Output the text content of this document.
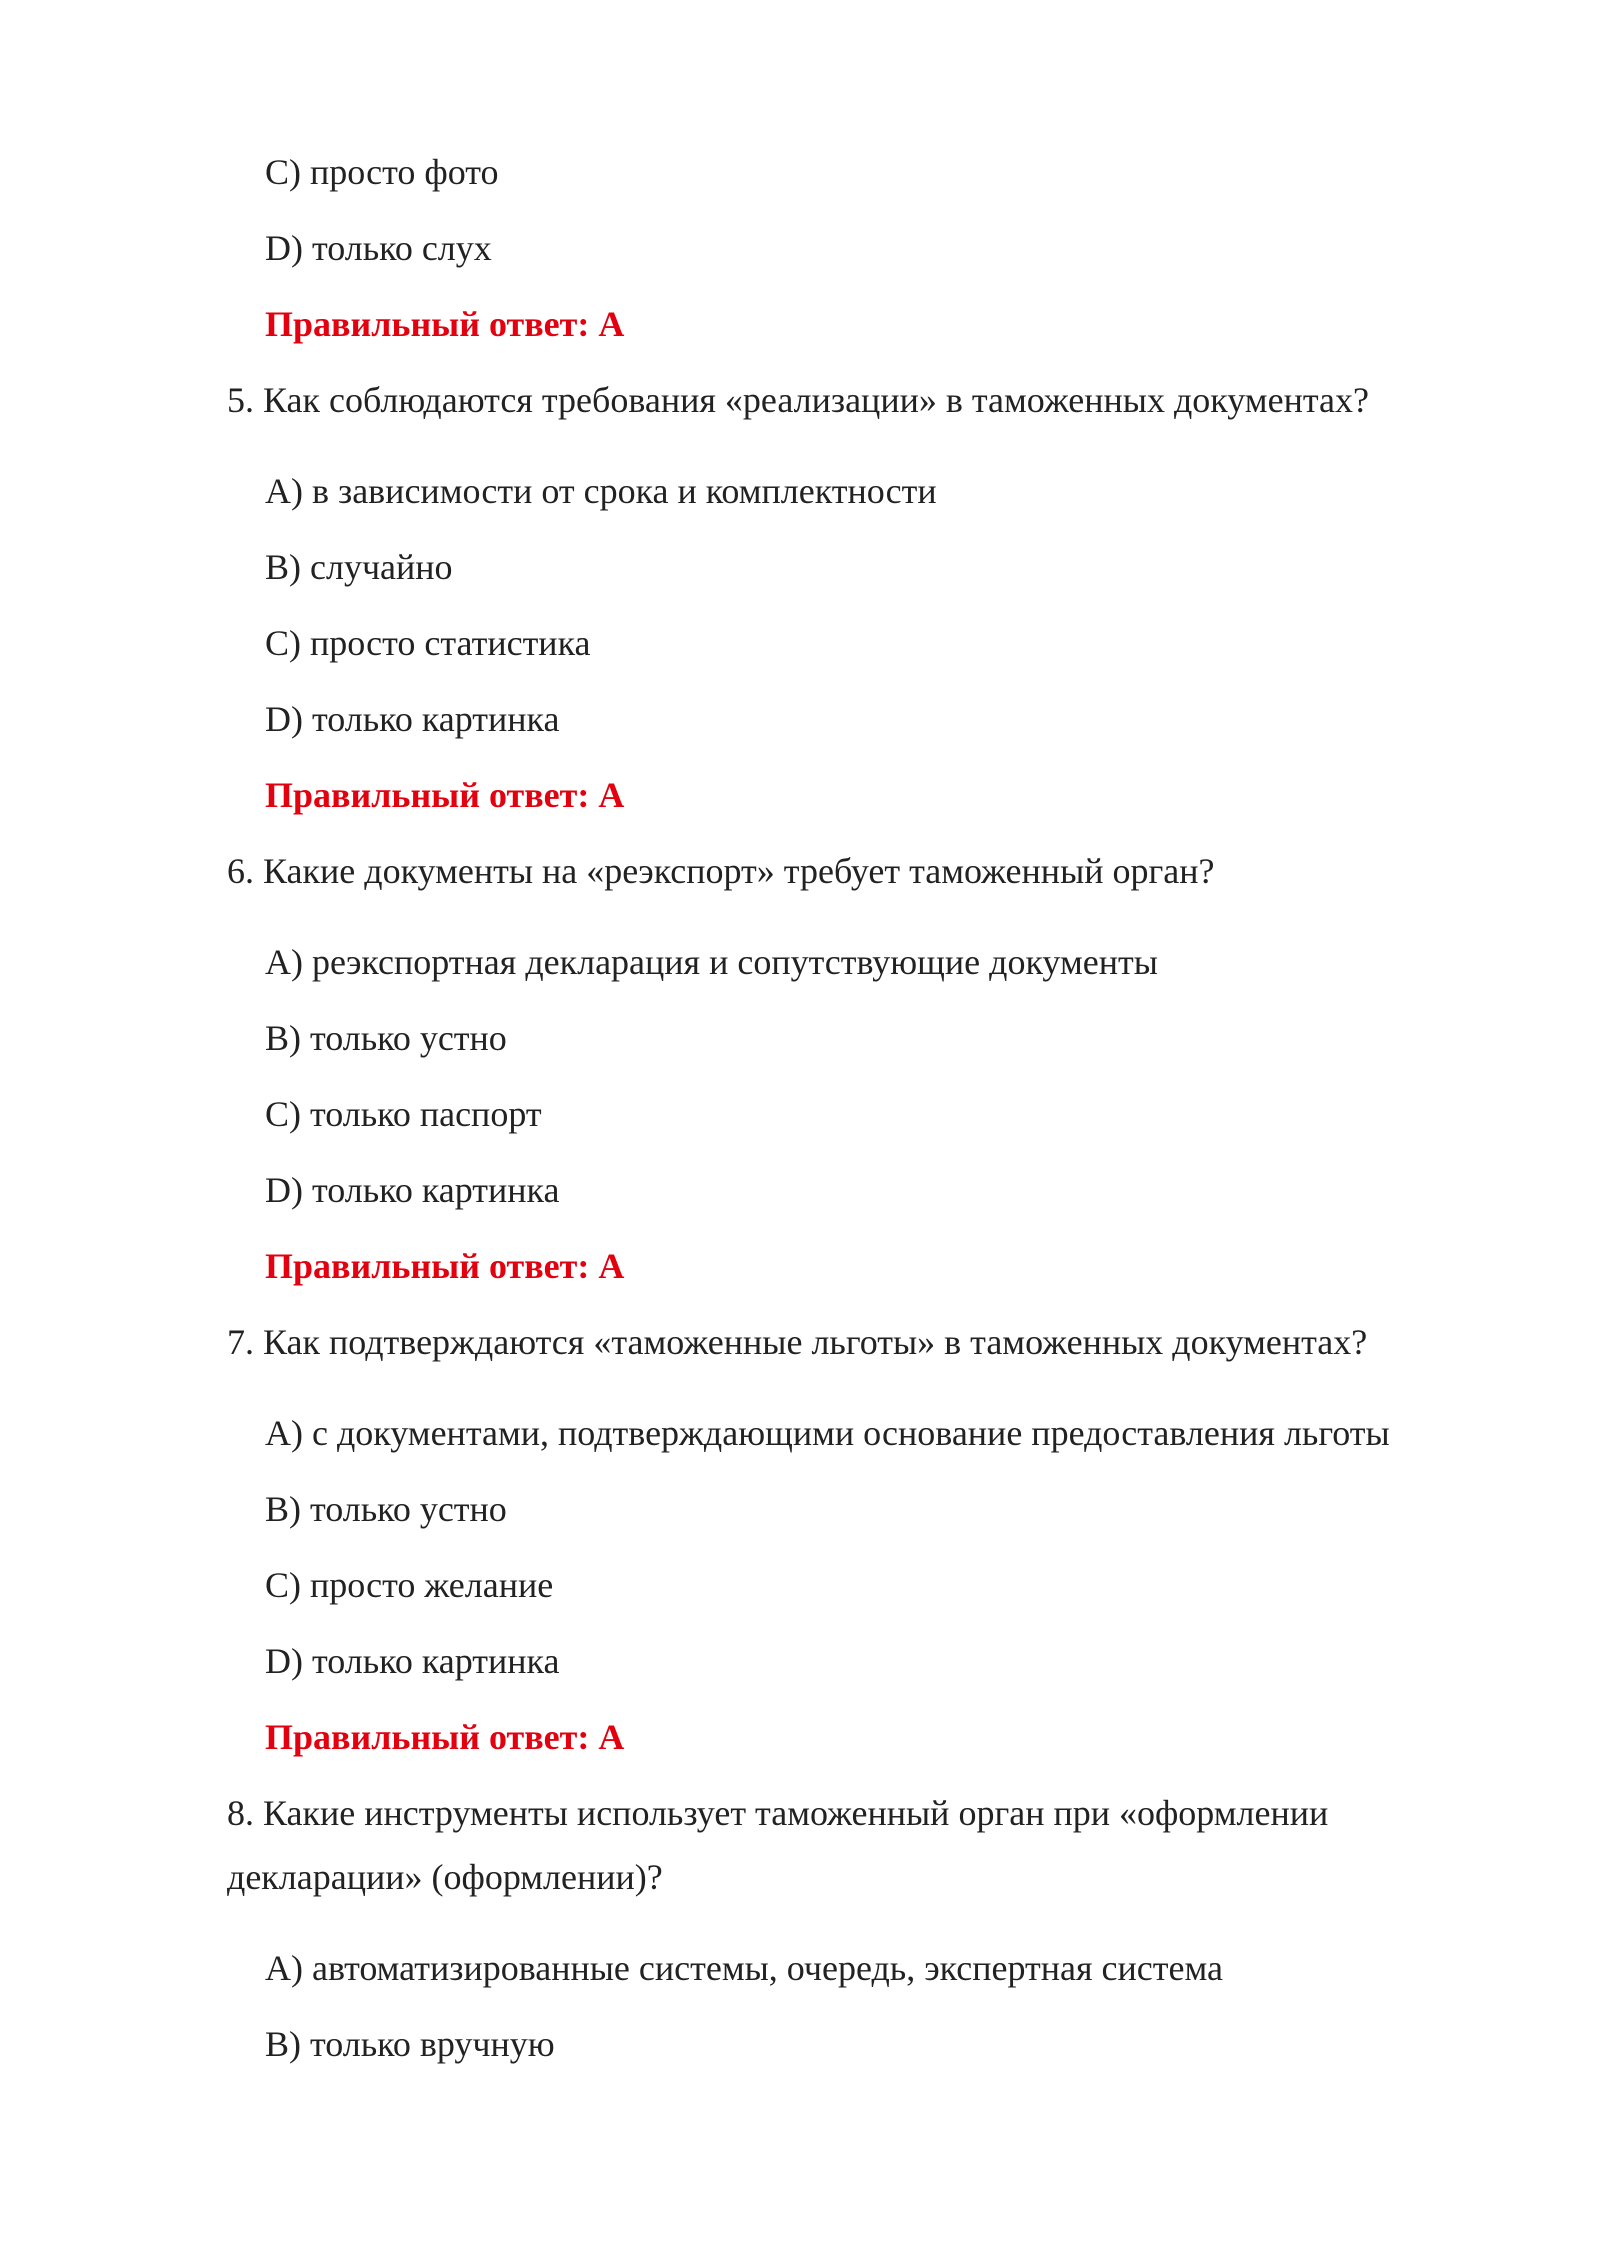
C) просто фото
D) только слух
Правильный ответ: А
5. Как соблюдаются требования «реализации» в таможенных документах?
A) в зависимости от срока и комплектности
B) случайно
C) просто статистика
D) только картинка
Правильный ответ: А
6. Какие документы на «реэкспорт» требует таможенный орган?
A) реэкспортная декларация и сопутствующие документы
B) только устно
C) только паспорт
D) только картинка
Правильный ответ: А
7. Как подтверждаются «таможенные льготы» в таможенных документах?
A) с документами, подтверждающими основание предоставления льготы
B) только устно
C) просто желание
D) только картинка
Правильный ответ: А
8. Какие инструменты использует таможенный орган при «оформлении
декларации» (оформлении)?
A) автоматизированные системы, очередь, экспертная система
B) только вручную
